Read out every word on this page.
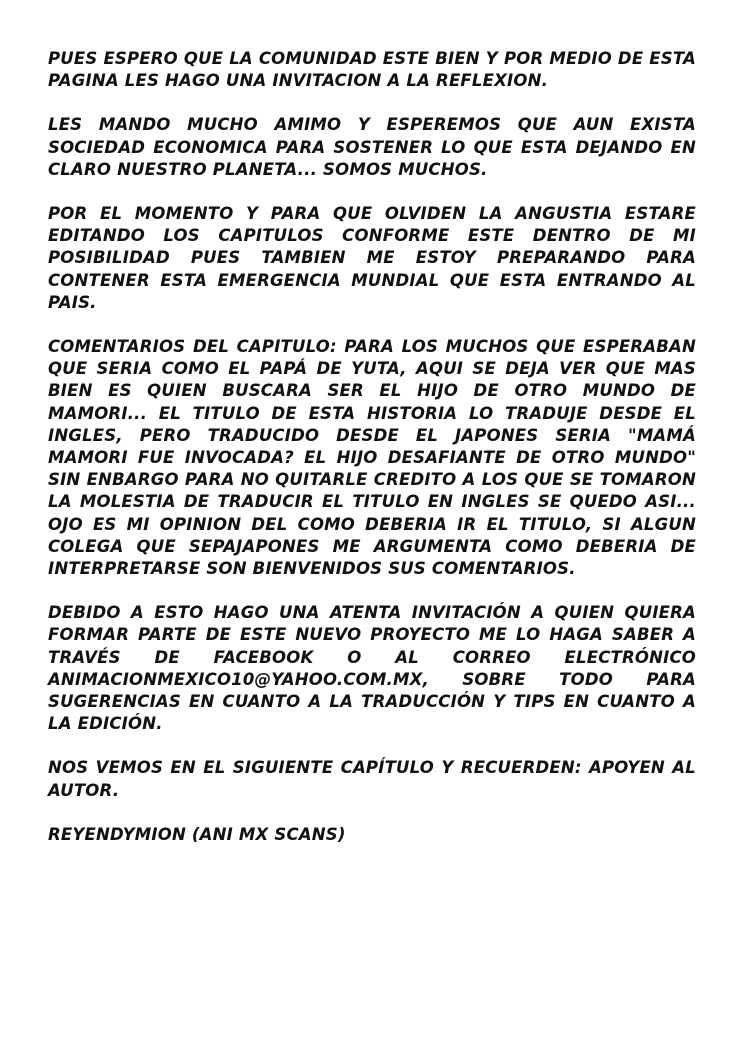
PUES ESPERO QUE LA COMUNIDAD ESTE BIEN Y POR MEDIO DE ESTA PAGINA LES HAGO UNA INVITACION A LA REFLEXION.

LES MANDO MUCHO AMIMO Y ESPEREMOS QUE AUN EXISTA SOCIEDAD ECONOMICA PARA SOSTENER LO QUE ESTA DEJANDO EN CLARO NUESTRO PLANETA... SOMOS MUCHOS.

POR EL MOMENTO Y PARA QUE OLVIDEN LA ANGUSTIA ESTARE EDITANDO LOS CAPITULOS CONFORME ESTE DENTRO DE MI POSIBILIDAD PUES TAMBIEN ME ESTOY PREPARANDO PARA CONTENER ESTA EMERGENCIA MUNDIAL QUE ESTA ENTRANDO AL PAIS.

COMENTARIOS DEL CAPITULO: PARA LOS MUCHOS QUE ESPERABAN QUE SERIA COMO EL PAPÁ DE YUTA, AQUI SE DEJA VER QUE MAS BIEN ES QUIEN BUSCARA SER EL HIJO DE OTRO MUNDO DE MAMORI... EL TITULO DE ESTA HISTORIA LO TRADUJE DESDE EL INGLES, PERO TRADUCIDO DESDE EL JAPONES SERIA "MAMÁ MAMORI FUE INVOCADA? EL HIJO DESAFIANTE DE OTRO MUNDO" SIN ENBARGO PARA NO QUITARLE CREDITO A LOS QUE SE TOMARON LA MOLESTIA DE TRADUCIR EL TITULO EN INGLES SE QUEDO ASI... OJO ES MI OPINION DEL COMO DEBERIA IR EL TITULO, SI ALGUN COLEGA QUE SEPAJAPONES ME ARGUMENTA COMO DEBERIA DE INTERPRETARSE SON BIENVENIDOS SUS COMENTARIOS.

DEBIDO A ESTO HAGO UNA ATENTA INVITACIÓN A QUIEN QUIERA FORMAR PARTE DE ESTE NUEVO PROYECTO ME LO HAGA SABER A TRAVÉS DE FACEBOOK O AL CORREO ELECTRÓNICO ANIMACIONMEXICO10@YAHOO.COM.MX, SOBRE TODO PARA SUGERENCIAS EN CUANTO A LA TRADUCCIÓN Y TIPS EN CUANTO A LA EDICIÓN.

NOS VEMOS EN EL SIGUIENTE CAPÍTULO Y RECUERDEN: APOYEN AL AUTOR.

REYENDYMION (ANI MX SCANS)
